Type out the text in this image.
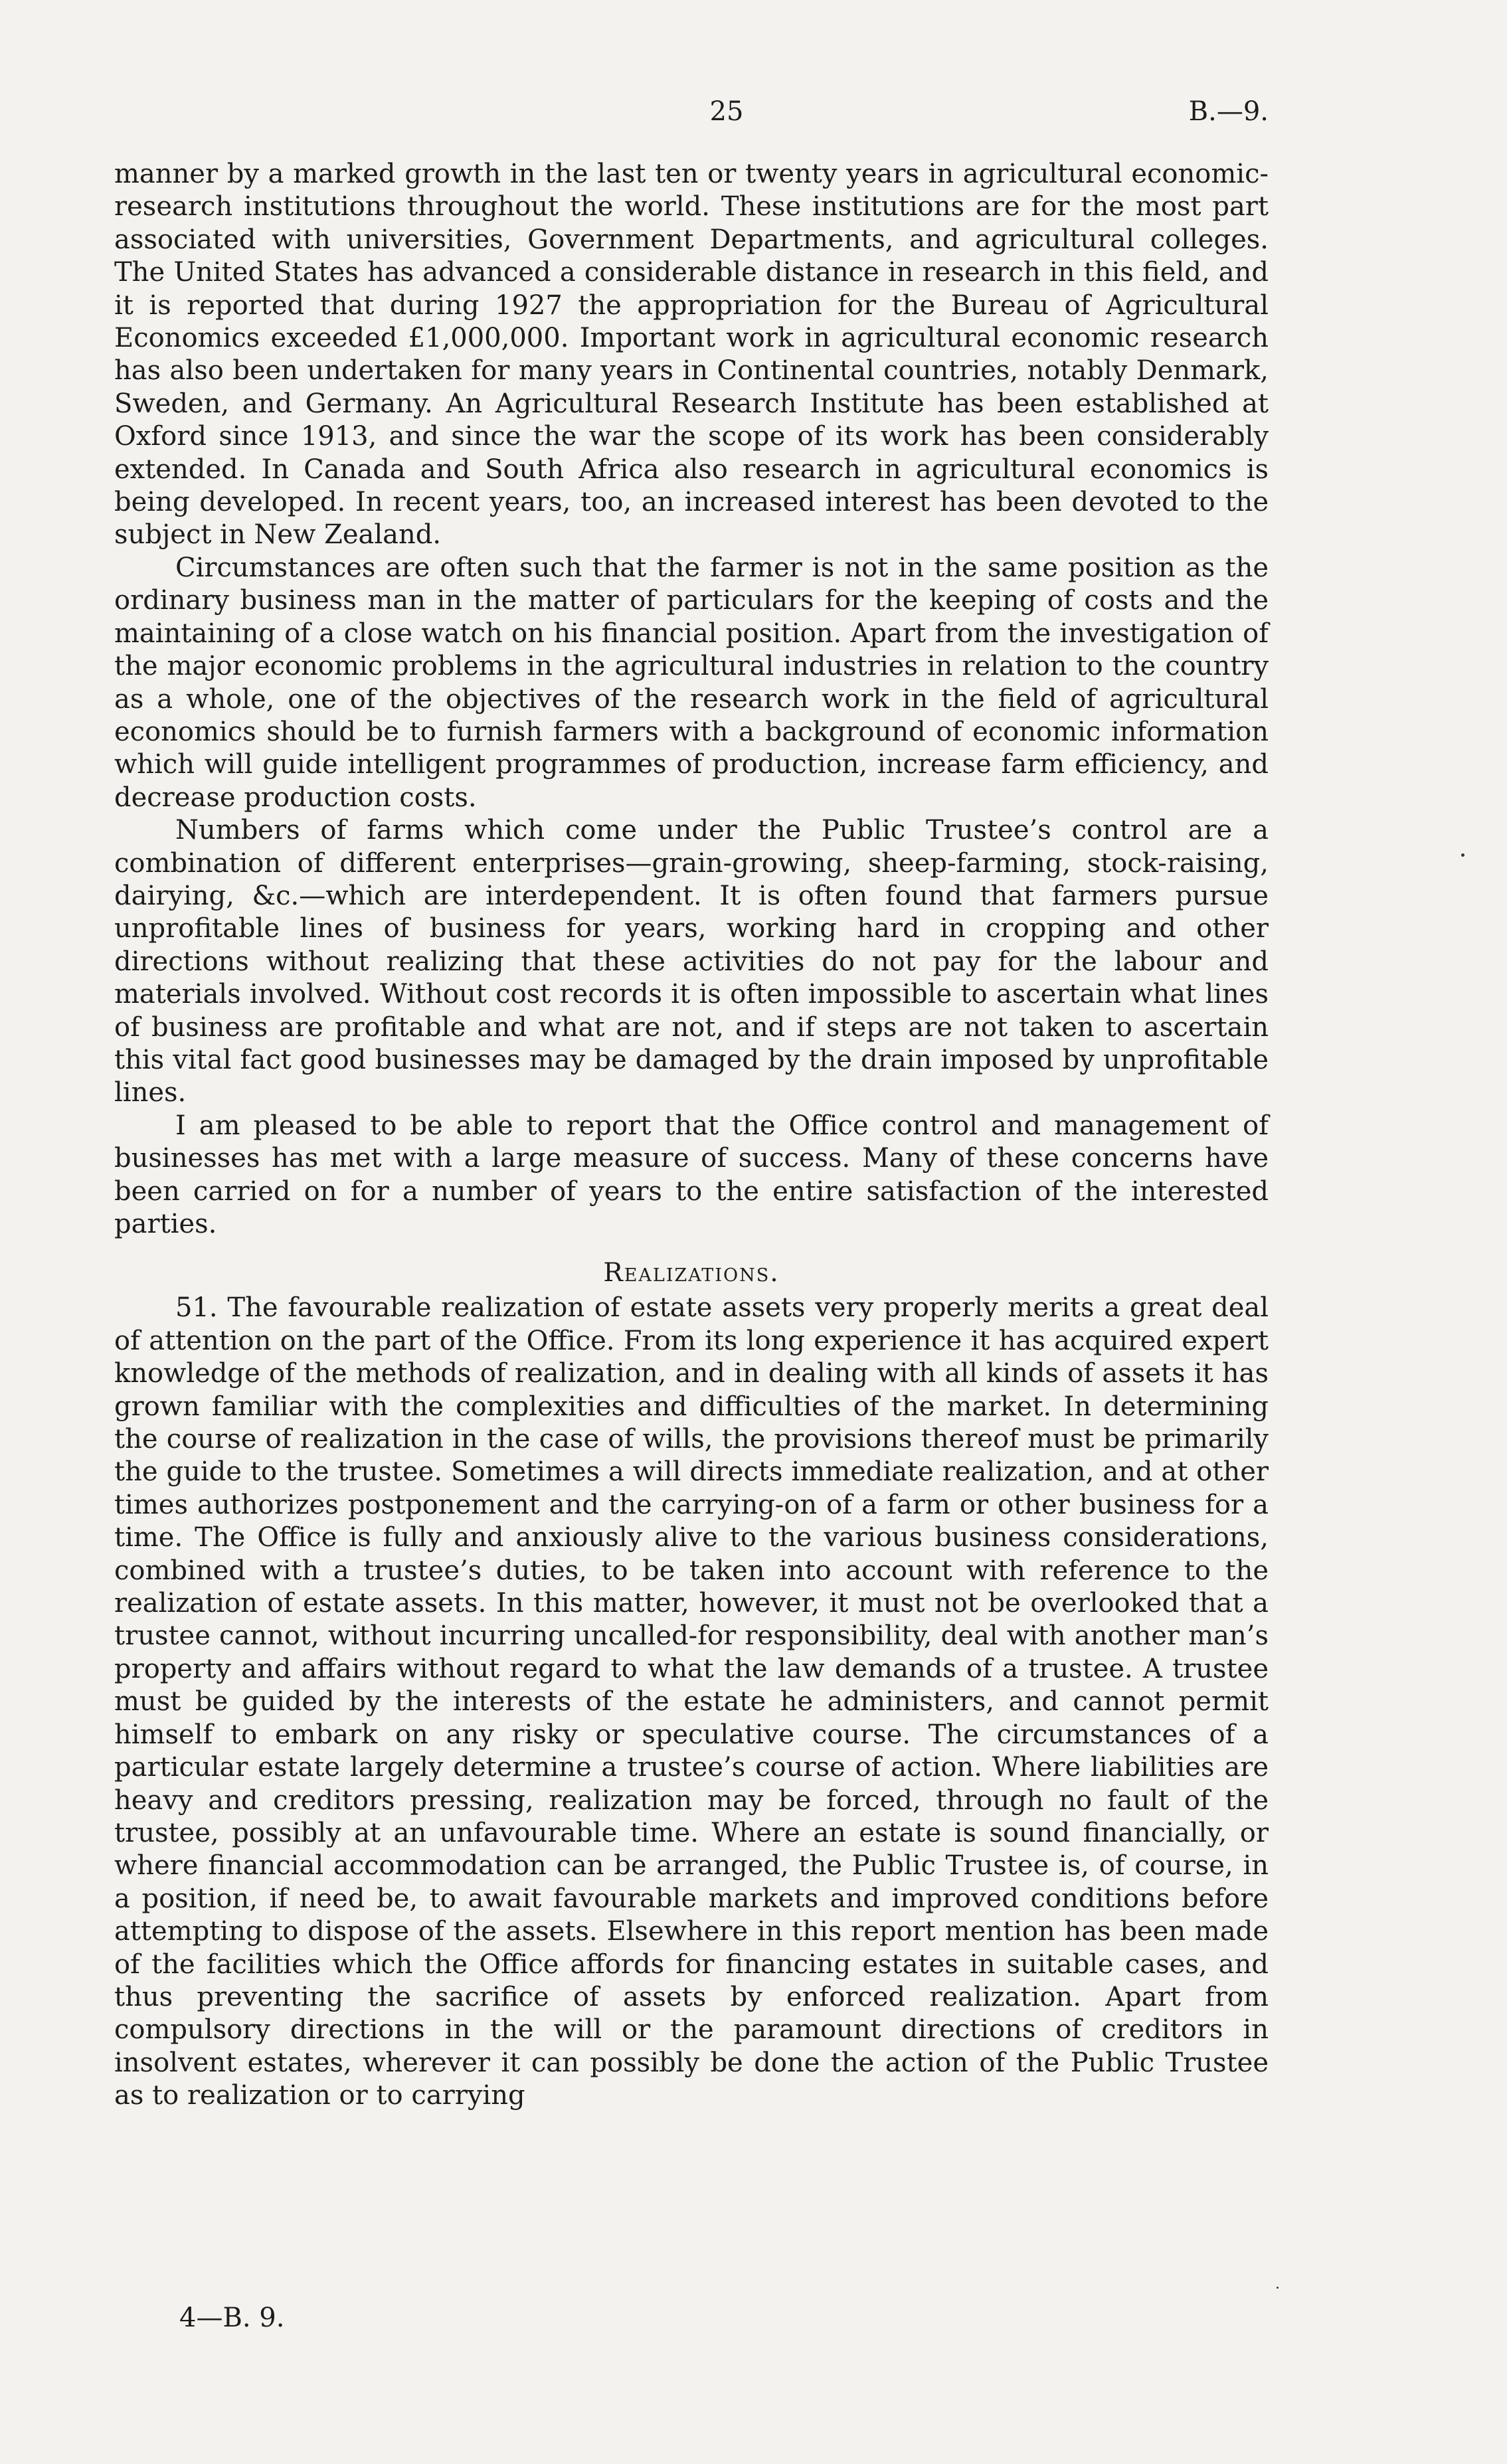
25	B.—9.

manner by a marked growth in the last ten or twenty years in agricultural economic-research institutions throughout the world. These institutions are for the most part associated with universities, Government Departments, and agricultural colleges. The United States has advanced a considerable distance in research in this field, and it is reported that during 1927 the appropriation for the Bureau of Agricultural Economics exceeded £1,000,000. Important work in agricultural economic research has also been undertaken for many years in Continental countries, notably Denmark, Sweden, and Germany. An Agricultural Research Institute has been established at Oxford since 1913, and since the war the scope of its work has been considerably extended. In Canada and South Africa also research in agricultural economics is being developed. In recent years, too, an increased interest has been devoted to the subject in New Zealand.

Circumstances are often such that the farmer is not in the same position as the ordinary business man in the matter of particulars for the keeping of costs and the maintaining of a close watch on his financial position. Apart from the investigation of the major economic problems in the agricultural industries in relation to the country as a whole, one of the objectives of the research work in the field of agricultural economics should be to furnish farmers with a background of economic information which will guide intelligent programmes of production, increase farm efficiency, and decrease production costs.

Numbers of farms which come under the Public Trustee’s control are a combination of different enterprises—grain-growing, sheep-farming, stock-raising, dairying, &c.—which are interdependent. It is often found that farmers pursue unprofitable lines of business for years, working hard in cropping and other directions without realizing that these activities do not pay for the labour and materials involved. Without cost records it is often impossible to ascertain what lines of business are profitable and what are not, and if steps are not taken to ascertain this vital fact good businesses may be damaged by the drain imposed by unprofitable lines.

I am pleased to be able to report that the Office control and management of businesses has met with a large measure of success. Many of these concerns have been carried on for a number of years to the entire satisfaction of the interested parties.

Realizations.

51. The favourable realization of estate assets very properly merits a great deal of attention on the part of the Office. From its long experience it has acquired expert knowledge of the methods of realization, and in dealing with all kinds of assets it has grown familiar with the complexities and difficulties of the market. In determining the course of realization in the case of wills, the provisions thereof must be primarily the guide to the trustee. Sometimes a will directs immediate realization, and at other times authorizes postponement and the carrying-on of a farm or other business for a time. The Office is fully and anxiously alive to the various business considerations, combined with a trustee’s duties, to be taken into account with reference to the realization of estate assets. In this matter, however, it must not be overlooked that a trustee cannot, without incurring uncalled-for responsibility, deal with another man’s property and affairs without regard to what the law demands of a trustee. A trustee must be guided by the interests of the estate he administers, and cannot permit himself to embark on any risky or speculative course. The circumstances of a particular estate largely determine a trustee’s course of action. Where liabilities are heavy and creditors pressing, realization may be forced, through no fault of the trustee, possibly at an unfavourable time. Where an estate is sound financially, or where financial accommodation can be arranged, the Public Trustee is, of course, in a position, if need be, to await favourable markets and improved conditions before attempting to dispose of the assets. Elsewhere in this report mention has been made of the facilities which the Office affords for financing estates in suitable cases, and thus preventing the sacrifice of assets by enforced realization. Apart from compulsory directions in the will or the paramount directions of creditors in insolvent estates, wherever it can possibly be done the action of the Public Trustee as to realization or to carrying

4—B. 9.
